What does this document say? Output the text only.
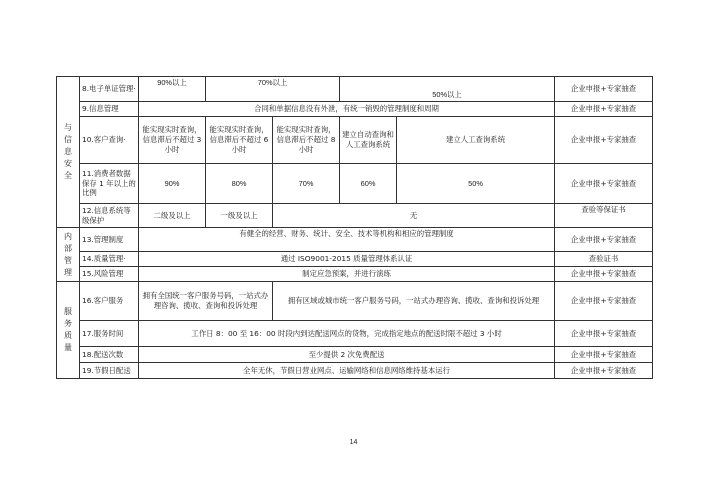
与
信
息
安
全	8.电子单证管理·	90%以上	70%以上		50%以上		企业申报+专家抽查
	9.信息管理	合同和单据信息没有外泄，有统一销毁的管理制度和周期					企业申报+专家抽查
	10.客户查询·	能实现实时查询，信息滞后不超过 3 小时	能实现实时查询，信息滞后不超过 6 小时	能实现实时查询，信息滞后不超过 8 小时	建立自动查询和人工查询系统	建立人工查询系统	企业申报+专家抽查
	11.消费者数据保存 1 年以上的比例	90%	80%	70%	60%	50%	企业申报+专家抽查
	12.信息系统等级保护	二级及以上	一级及以上	无			查验等保证书

内
部
管
理	13.管理制度	有健全的经营、财务、统计、安全、技术等机构和相应的管理制度					企业申报+专家抽查
	14.质量管理·	通过 ISO9001-2015 质量管理体系认证					查验证书
	15.风险管理	制定应急预案，并进行演练					企业申报+专家抽查

服
务
质
量	16.客户服务	拥有全国统一客户服务号码，一站式办理咨询、揽收、查询和投诉处理		拥有区域或城市统一客户服务号码，一站式办理咨询、揽收、查询和投诉处理			企业申报+专家抽查
	17.服务时间	工作日 8：00 至 16：00 时段内到达配送网点的货物，完成指定地点的配送时限不超过 3 小时					企业申报+专家抽查
	18.配送次数	至少提供 2 次免费配送					企业申报+专家抽查
	19.节假日配送	全年无休，节假日营业网点、运输网络和信息网络维持基本运行					企业申报+专家抽查
14
